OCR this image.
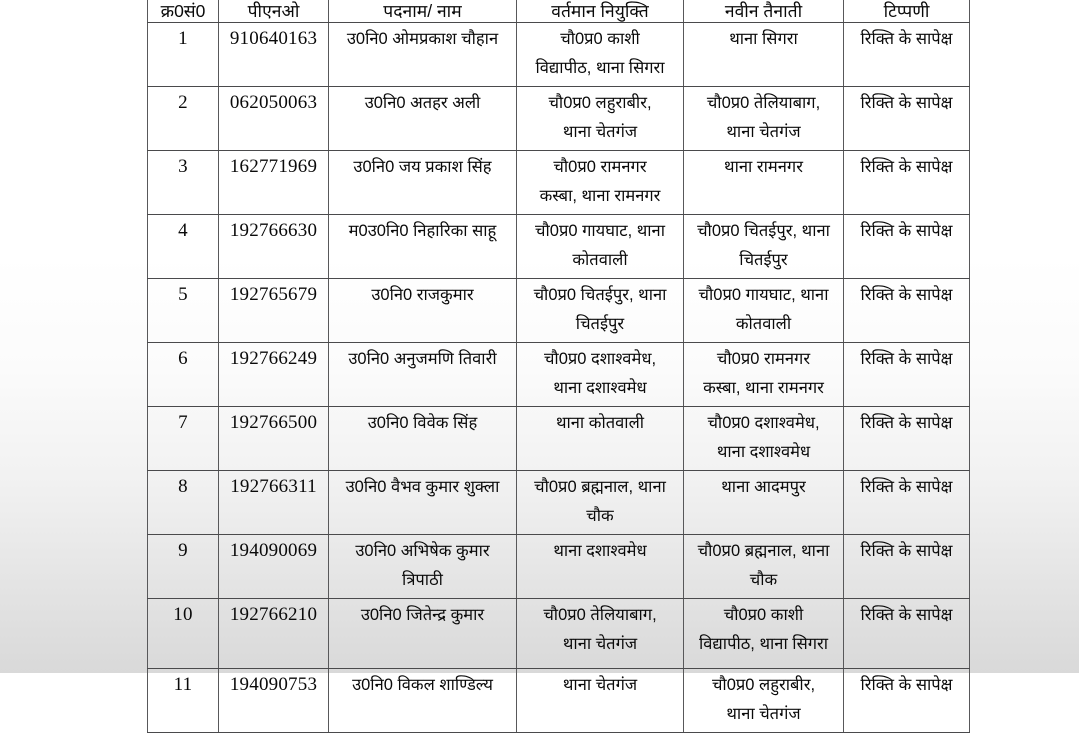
क्र0सं0	पीएनओ	पदनाम/ नाम	वर्तमान नियुक्ति	नवीन तैनाती	टिप्पणी
1	910640163	उ0नि0 ओमप्रकाश चौहान	चौ0प्र0 काशी
विद्यापीठ, थाना सिगरा	थाना सिगरा	रिक्ति के सापेक्ष

2	062050063	उ0नि0 अतहर अली	चौ0प्र0 लहुराबीर,
थाना चेतगंज	चौ0प्र0 तेलियाबाग,
थाना चेतगंज	रिक्ति के सापेक्ष

3	162771969	उ0नि0 जय प्रकाश सिंह	चौ0प्र0 रामनगर
कस्बा, थाना रामनगर	थाना रामनगर	रिक्ति के सापेक्ष

4	192766630	म0उ0नि0 निहारिका साहू	चौ0प्र0 गायघाट, थाना
कोतवाली	चौ0प्र0 चितईपुर, थाना
चितईपुर	रिक्ति के सापेक्ष

5	192765679	उ0नि0 राजकुमार	चौ0प्र0 चितईपुर, थाना
चितईपुर	चौ0प्र0 गायघाट, थाना
कोतवाली	रिक्ति के सापेक्ष

6	192766249	उ0नि0 अनुजमणि तिवारी	चौ0प्र0 दशाश्वमेध,
थाना दशाश्वमेध	चौ0प्र0 रामनगर
कस्बा, थाना रामनगर	रिक्ति के सापेक्ष

7	192766500	उ0नि0 विवेक सिंह	थाना कोतवाली	चौ0प्र0 दशाश्वमेध,
थाना दशाश्वमेध	रिक्ति के सापेक्ष

8	192766311	उ0नि0 वैभव कुमार शुक्ला	चौ0प्र0 ब्रह्मनाल, थाना
चौक	थाना आदमपुर	रिक्ति के सापेक्ष

9	194090069	उ0नि0 अभिषेक कुमार
त्रिपाठी	थाना दशाश्वमेध	चौ0प्र0 ब्रह्मनाल, थाना
चौक	रिक्ति के सापेक्ष

10	192766210	उ0नि0 जितेन्द्र कुमार	चौ0प्र0 तेलियाबाग,
थाना चेतगंज	चौ0प्र0 काशी
विद्यापीठ, थाना सिगरा	रिक्ति के सापेक्ष

11	194090753	उ0नि0 विकल शाण्डिल्य	थाना चेतगंज	चौ0प्र0 लहुराबीर,
थाना चेतगंज	रिक्ति के सापेक्ष
